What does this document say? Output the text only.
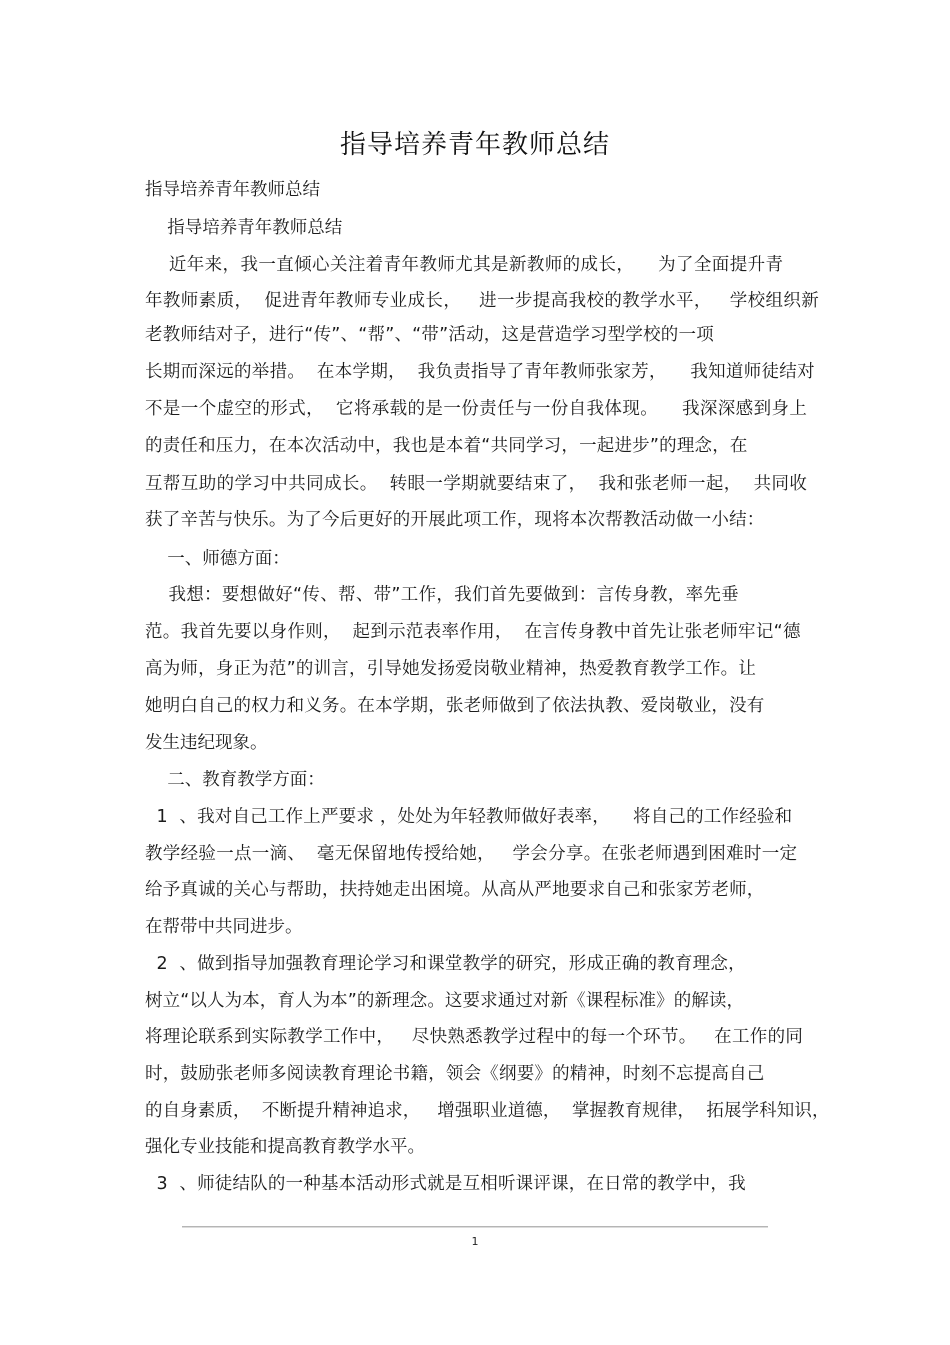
指导培养青年教师总结
指导培养青年教师总结
指导培养青年教师总结
近年来，我一直倾心关注着青年教师尤其是新教师的成长，    为了全面提升青
年教师素质，  促进青年教师专业成长，   进一步提高我校的教学水平，   学校组织新
老教师结对子，进行“传”、“帮”、“带”活动，这是营造学习型学校的一项
长期而深远的举措。  在本学期，  我负责指导了青年教师张家芳，    我知道师徒结对
不是一个虚空的形式，  它将承载的是一份责任与一份自我体现。    我深深感到身上
的责任和压力，在本次活动中，我也是本着“共同学习，一起进步”的理念，在
互帮互助的学习中共同成长。  转眼一学期就要结束了，  我和张老师一起，  共同收
获了辛苦与快乐。为了今后更好的开展此项工作，现将本次帮教活动做一小结：
一、师德方面：
我想：要想做好“传、帮、带”工作，我们首先要做到：言传身教，率先垂
范。我首先要以身作则，  起到示范表率作用，  在言传身教中首先让张老师牢记“德
高为师，身正为范”的训言，引导她发扬爱岗敬业精神，热爱教育教学工作。让
她明白自己的权力和义务。在本学期，张老师做到了依法执教、爱岗敬业，没有
发生违纪现象。
二、教育教学方面：
1  、我对自己工作上严要求 ，处处为年轻教师做好表率，    将自己的工作经验和
教学经验一点一滴、  毫无保留地传授给她，   学会分享。在张老师遇到困难时一定
给予真诚的关心与帮助，扶持她走出困境。从高从严地要求自己和张家芳老师，
在帮带中共同进步。
2  、做到指导加强教育理论学习和课堂教学的研究，形成正确的教育理念，
树立“以人为本，育人为本”的新理念。这要求通过对新《课程标准》的解读，
将理论联系到实际教学工作中，   尽快熟悉教学过程中的每一个环节。   在工作的同
时，鼓励张老师多阅读教育理论书籍，领会《纲要》的精神，时刻不忘提高自己
的自身素质，  不断提升精神追求，   增强职业道德，  掌握教育规律，  拓展学科知识，
强化专业技能和提高教育教学水平。
3  、师徒结队的一种基本活动形式就是互相听课评课，在日常的教学中，我
1
